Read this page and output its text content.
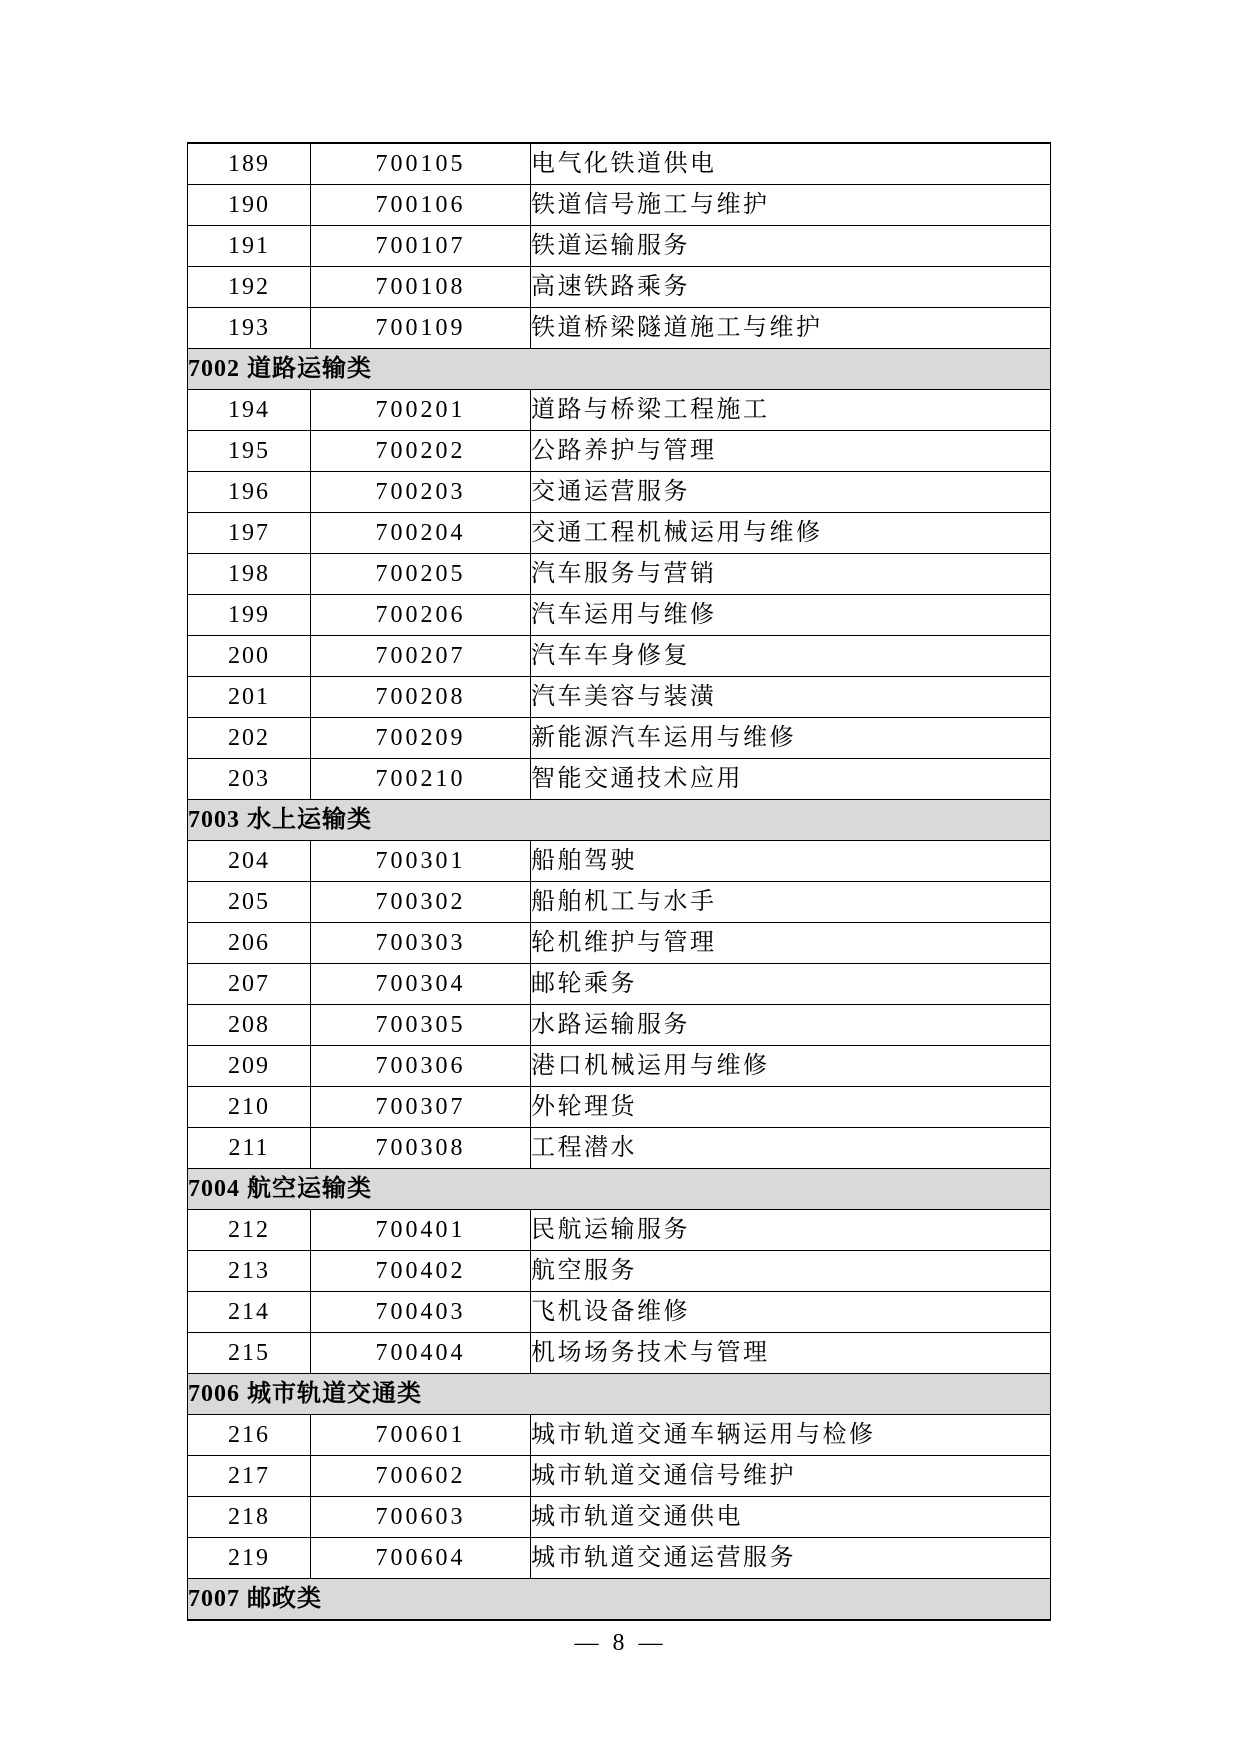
189	700105	电气化铁道供电
190	700106	铁道信号施工与维护
191	700107	铁道运输服务
192	700108	高速铁路乘务
193	700109	铁道桥梁隧道施工与维护
7002 道路运输类		
194	700201	道路与桥梁工程施工
195	700202	公路养护与管理
196	700203	交通运营服务
197	700204	交通工程机械运用与维修
198	700205	汽车服务与营销
199	700206	汽车运用与维修
200	700207	汽车车身修复
201	700208	汽车美容与装潢
202	700209	新能源汽车运用与维修
203	700210	智能交通技术应用
7003 水上运输类		
204	700301	船舶驾驶
205	700302	船舶机工与水手
206	700303	轮机维护与管理
207	700304	邮轮乘务
208	700305	水路运输服务
209	700306	港口机械运用与维修
210	700307	外轮理货
211	700308	工程潜水
7004 航空运输类		
212	700401	民航运输服务
213	700402	航空服务
214	700403	飞机设备维修
215	700404	机场场务技术与管理
7006 城市轨道交通类		
216	700601	城市轨道交通车辆运用与检修
217	700602	城市轨道交通信号维护
218	700603	城市轨道交通供电
219	700604	城市轨道交通运营服务
7007 邮政类		
— 8 —
